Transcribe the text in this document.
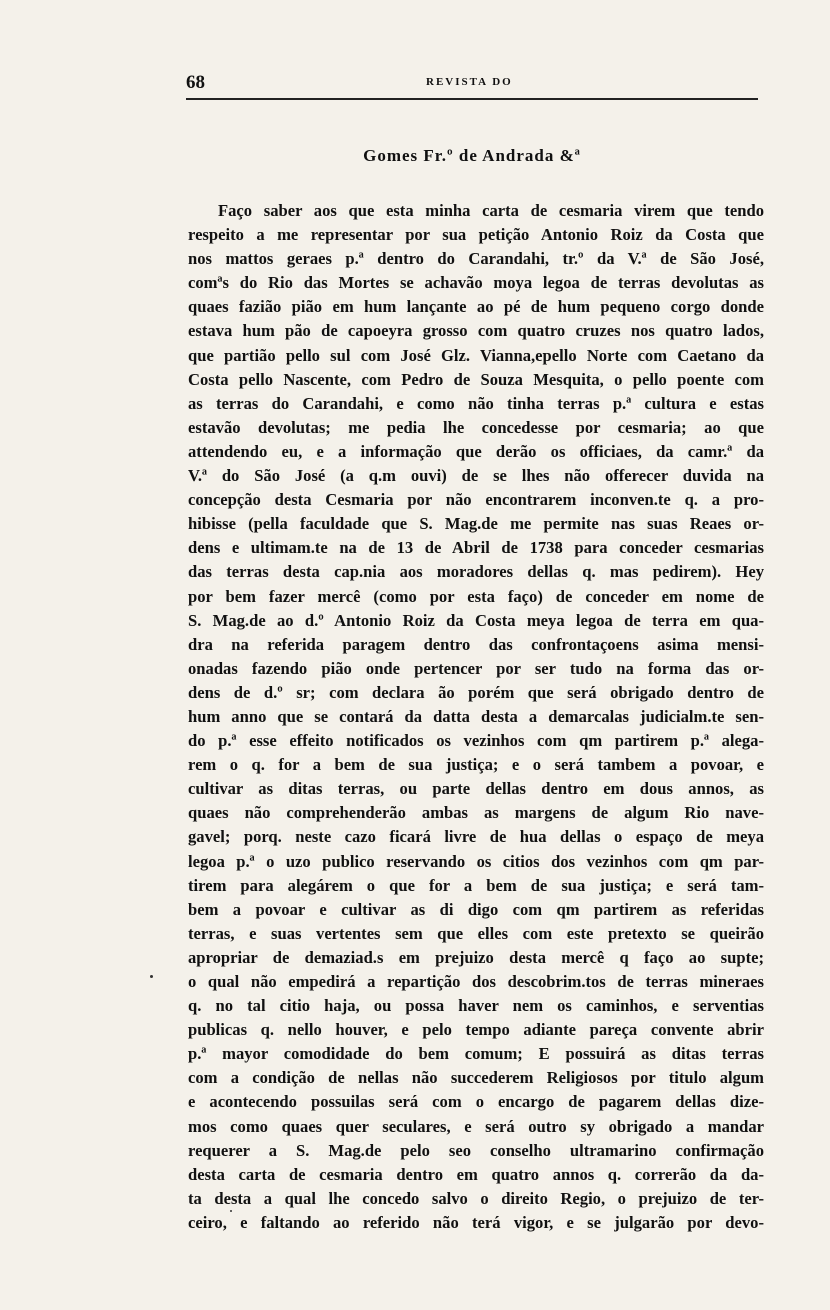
68	REVISTA DO
Gomes Fr.º de Andrada &ª
Faço saber aos que esta minha carta de cesmaria virem que tendo
respeito a me representar por sua petição Antonio Roiz da Costa que
nos mattos geraes p.ª dentro do Carandahi, tr.º da V.ª de São José,
comªs do Rio das Mortes se achavão moya legoa de terras devolutas as
quaes fazião pião em hum lançante ao pé de hum pequeno corgo donde
estava hum pão de capoeyra grosso com quatro cruzes nos quatro lados,
que partião pello sul com José Glz. Vianna,epello Norte com Caetano da
Costa pello Nascente, com Pedro de Souza Mesquita, o pello poente com
as terras do Carandahi, e como não tinha terras p.ª cultura e estas
estavão devolutas; me pedia lhe concedesse por cesmaria; ao que
attendendo eu, e a informação que derão os officiaes, da camr.ª da
V.ª do São José (a q.m ouvi) de se lhes não offerecer duvida na
concepção desta Cesmaria por não encontrarem inconven.te q. a pro-
hibisse (pella faculdade que S. Mag.de me permite nas suas Reaes or-
dens e ultimam.te na de 13 de Abril de 1738 para conceder cesmarias
das terras desta cap.nia aos moradores dellas q. mas pedirem). Hey
por bem fazer mercê (como por esta faço) de conceder em nome de
S. Mag.de ao d.º Antonio Roiz da Costa meya legoa de terra em qua-
dra na referida paragem dentro das confrontaçoens asima mensi-
onadas fazendo pião onde pertencer por ser tudo na forma das or-
dens de d.º sr; com declara ão porém que será obrigado dentro de
hum anno que se contará da datta desta a demarcalas judicialm.te sen-
do p.ª esse effeito notificados os vezinhos com qm partirem p.ª alega-
rem o q. for a bem de sua justiça; e o será tambem a povoar, e
cultivar as ditas terras, ou parte dellas dentro em dous annos, as
quaes não comprehenderão ambas as margens de algum Rio nave-
gavel; porq. neste cazo ficará livre de hua dellas o espaço de meya
legoa p.ª o uzo publico reservando os citios dos vezinhos com qm par-
tirem para alegárem o que for a bem de sua justiça; e será tam-
bem a povoar e cultivar as di digo com qm partirem as referidas
terras, e suas vertentes sem que elles com este pretexto se queirão
apropriar de demaziad.s em prejuizo desta mercê q faço ao supte;
o qual não empedirá a repartição dos descobrim.tos de terras mineraes
q. no tal citio haja, ou possa haver nem os caminhos, e serventias
publicas q. nello houver, e pelo tempo adiante pareça convente abrir
p.ª mayor comodidade do bem comum; E possuirá as ditas terras
com a condição de nellas não succederem Religiosos por titulo algum
e acontecendo possuilas será com o encargo de pagarem dellas dize-
mos como quaes quer seculares, e será outro sy obrigado a mandar
requerer a S. Mag.de pelo seo conselho ultramarino confirmação
desta carta de cesmaria dentro em quatro annos q. correrão da da-
ta desta a qual lhe concedo salvo o direito Regio, o prejuizo de ter-
ceiro, e faltando ao referido não terá vigor, e se julgarão por devo-
